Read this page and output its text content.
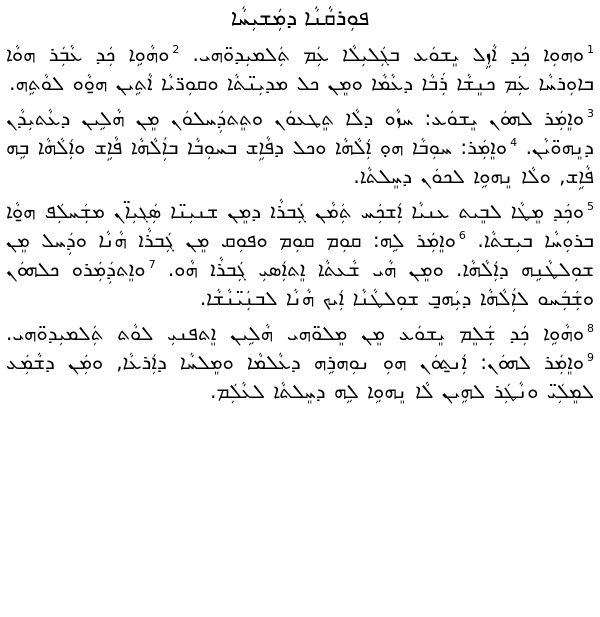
ܦܘܼܪܩܵܢܵܐ ܕܡܲܫܝܼܚܵܐ
$^1$ܘܗܘܼܐ ܟܲܕ ܐܵܙܹܠ ܝܸܫܘܿܥ ܒܓܲܠܝܼܠܵܐ ܥܲܡ ܬܲܠܡܝܼܕܘ̈ܗܝ. $^2$ܘܗܵܘܹܐ ܟܲܕ ܥܵܒܲܪ ܗܘܵܐ ܒܐܘܼܪܚܵܐ ܥܲܡ ܟܢܸܫܵܐ ܪܲܒܵܐ ܕܥܵܡܵܐ ܘܡܸܢ ܟܠ ܡܕܝܼܢ̈ܬܵܐ ܘܩܘܼܪ̈ܝܵܐ ܐܵܬܹܝܢ ܗ̱ܘܵܘ ܠܘܵܬܹܗ.
$^3$ܘܐܸܡܲܪ ܠܗܘܿܢ ܝܸܫܘܿܥ: ܚܙܵܘ ܕܠܵܐ ܬܸܛܥܘܿܢ ܘܬܸܬܕܲܚܠܘܿܢ ܡܸܢ ܗܵܠܹܝܢ ܕܥܵܬܝܼܕܵܢ ܕܢܸܗܘ̈ܝܵܢ. $^4$ܘܐܸܡܲܪ: ܚܘܼܒܵܐ ܗܘ̣ ܐܲܠܵܗܵܐ ܘܟܠ ܕܦܵܐܹܫ ܒܚܘܼܒܵܐ ܒܐܲܠܵܗܵܐ ܦܵܐܹܫ ܘܐܲܠܵܗܵܐ ܒܹܗ ܦܵܐܹܫ, ܘܠܵܐ ܢܸܗܘܹܐ ܠܟܘܿܢ ܕܚܸܠܬܵܐ.
$^5$ܘܟܲܕ ܡܸܛܵܐ ܠܒܸܝܬ ܥܢܝܵܐ ܐܲܫܟܲܚ ܬܲܡܵܢ ܓܲܒܪܵܐ ܕܡܸܢ ܫܢܝܼܢ̈ܐ ܣܲܓܝܼܐ̈ܢ ܡܫܲܚܠܲܦ ܗ̱ܘܵܐ ܒܪܘܼܚܵܐ ܒܝܼܫܬܵܐ. $^6$ܘܐܸܡܲܪ ܠܹܗ: ܩܘܼܡ ܩܘܼܡ ܘܦܘܼܩ ܡܸܢ ܓܲܒܪܵܐ ܗܵܢܵܐ ܘܕܲܚܠ ܡܸܢ ܫܘܼܠܛܵܢܹܗ ܕܐܲܠܵܗܵܐ. ܘܡܸܢ ܗܵܝ ܫܵܥܬܵܐ ܐܸܬܐܲܣܝܼ ܓܲܒܪܵܐ ܗܵܘ. $^7$ܘܐܸܬܕܲܡܲܪܘ ܟܠܗܘܿܢ ܘܫܲܒܲܚܘ ܠܐܲܠܵܗܵܐ ܕܝܲܗ̱ܒ ܫܘܼܠܛܵܢܵܐ ܐܲܝܟ ܗܵܢܵܐ ܠܒܢܲܝ̈ܢܵܫܵܐ.
$^8$ܘܗܵܘܹܐ ܟܲܕ ܫܲܠܸܡ ܝܸܫܘܿܥ ܡܸܢ ܡܸܠܘ̈ܗܝ ܗܵܠܹܝܢ ܐܸܬܦܢܝܼ ܠܘܵܬ ܬܲܠܡܝܼܕܘ̈ܗܝ. $^9$ܘܐܸܡܲܪ ܠܗܘܿܢ: ܐܲܢ̱ܬܘܿܢ ܗܘܼ ܢܘܼܗܪܹܗ ܕܥܵܠܡܵܐ ܘܡܸܠܚܵܐ ܕܐܲܪܥܵܐ, ܘܡܲܢ ܕܫܵܡܲܥ ܠܡܸܠܲܝ̈ ܘܢܵܛܲܪ ܠܗܹܝܢ ܠܵܐ ܢܸܗܘܹܐ ܠܹܗ ܕܚܸܠܬܵܐ ܠܥܵܠܲܡ.
